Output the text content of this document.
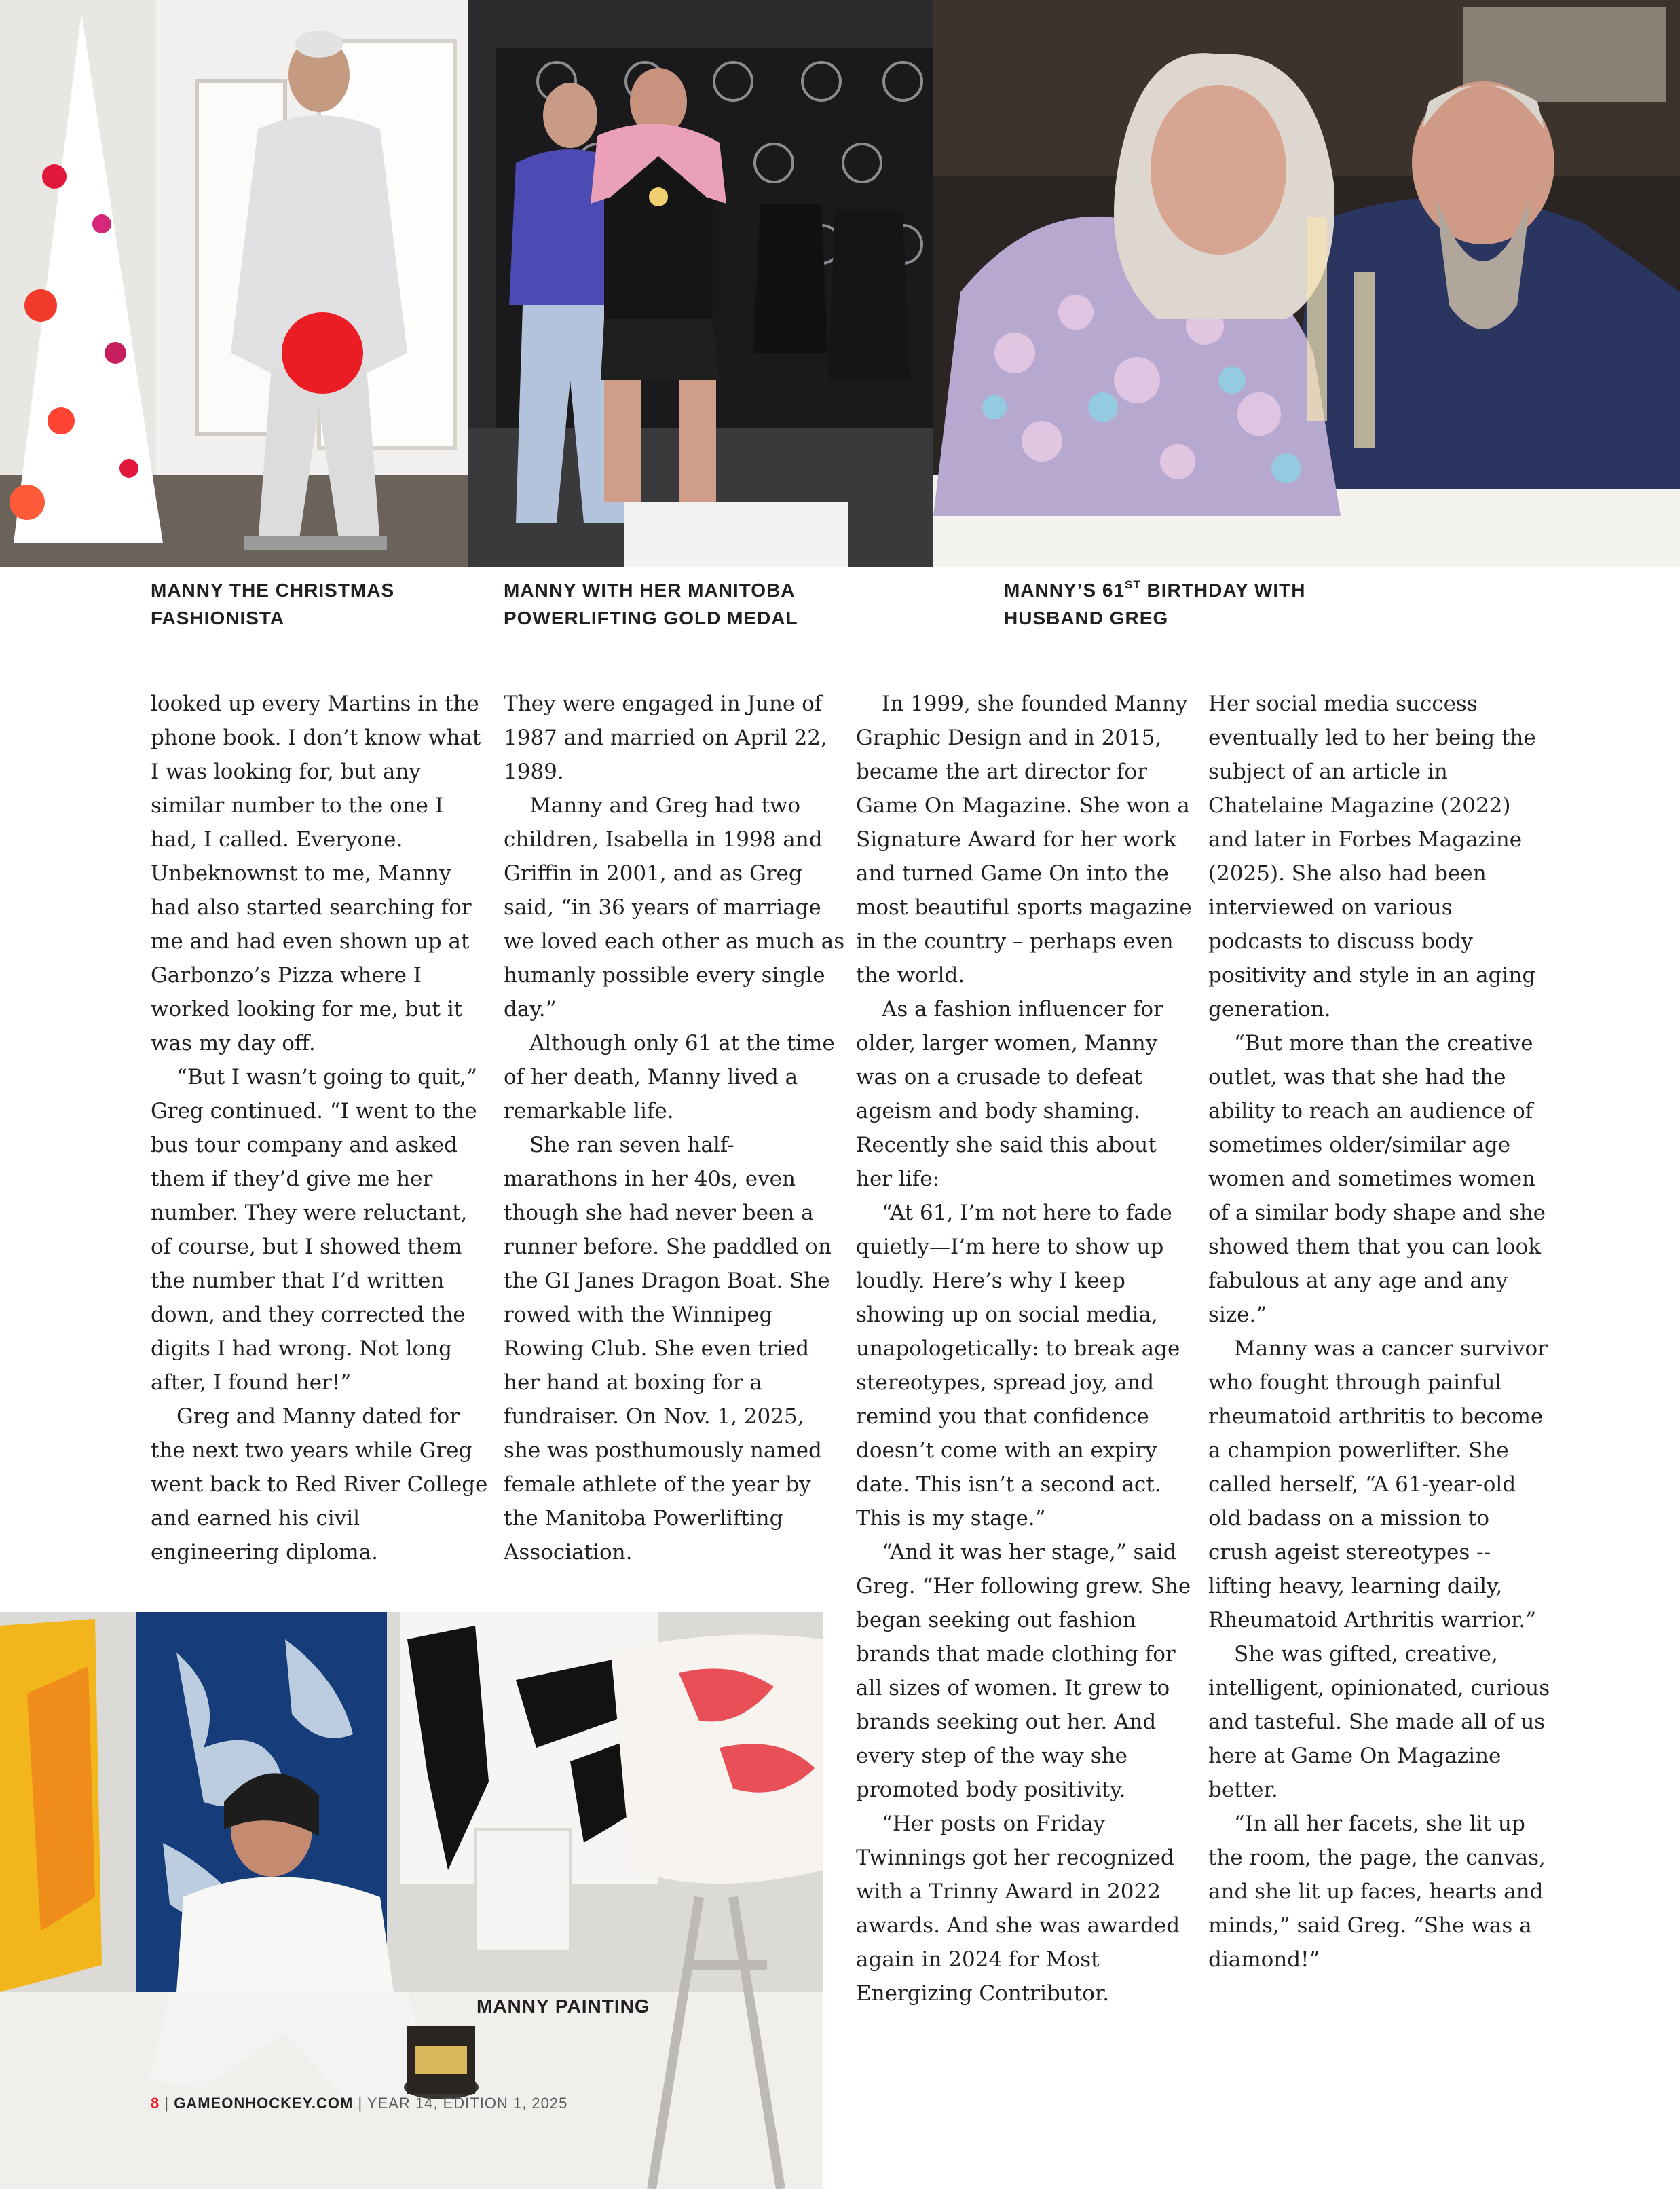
MANNY THE CHRISTMAS
FASHIONISTA
MANNY WITH HER MANITOBA
POWERLIFTING GOLD MEDAL
MANNY’S 61ST BIRTHDAY WITH
HUSBAND GREG

looked up every Martins in the phone book. I don’t know what I was looking for, but any similar number to the one I had, I called. Everyone. Unbeknownst to me, Manny had also started searching for me and had even shown up at Garbonzo’s Pizza where I worked looking for me, but it was my day off.

“But I wasn’t going to quit,” Greg continued. “I went to the bus tour company and asked them if they’d give me her number. They were reluctant, of course, but I showed them the number that I’d written down, and they corrected the digits I had wrong. Not long after, I found her!”

Greg and Manny dated for the next two years while Greg went back to Red River College and earned his civil engineering diploma.

They were engaged in June of 1987 and married on April 22, 1989.

Manny and Greg had two children, Isabella in 1998 and Griffin in 2001, and as Greg said, “in 36 years of marriage we loved each other as much as humanly possible every single day.”

Although only 61 at the time of her death, Manny lived a remarkable life.

She ran seven half-marathons in her 40s, even though she had never been a runner before. She paddled on the GI Janes Dragon Boat. She rowed with the Winnipeg Rowing Club. She even tried her hand at boxing for a fundraiser. On Nov. 1, 2025, she was posthumously named female athlete of the year by the Manitoba Powerlifting Association.

In 1999, she founded Manny Graphic Design and in 2015, became the art director for Game On Magazine. She won a Signature Award for her work and turned Game On into the most beautiful sports magazine in the country – perhaps even the world.

As a fashion influencer for older, larger women, Manny was on a crusade to defeat ageism and body shaming. Recently she said this about her life:

“At 61, I’m not here to fade quietly—I’m here to show up loudly. Here’s why I keep showing up on social media, unapologetically: to break age stereotypes, spread joy, and remind you that confidence doesn’t come with an expiry date. This isn’t a second act. This is my stage.”

“And it was her stage,” said Greg. “Her following grew. She began seeking out fashion brands that made clothing for all sizes of women. It grew to brands seeking out her. And every step of the way she promoted body positivity.

“Her posts on Friday Twinnings got her recognized with a Trinny Award in 2022 awards. And she was awarded again in 2024 for Most Energizing Contributor.

Her social media success eventually led to her being the subject of an article in Chatelaine Magazine (2022) and later in Forbes Magazine (2025). She also had been interviewed on various podcasts to discuss body positivity and style in an aging generation.

“But more than the creative outlet, was that she had the ability to reach an audience of sometimes older/similar age women and sometimes women of a similar body shape and she showed them that you can look fabulous at any age and any size.”

Manny was a cancer survivor who fought through painful rheumatoid arthritis to become a champion powerlifter. She called herself, “A 61-year-old old badass on a mission to crush ageist stereotypes -- lifting heavy, learning daily, Rheumatoid Arthritis warrior.”

She was gifted, creative, intelligent, opinionated, curious and tasteful. She made all of us here at Game On Magazine better.

“In all her facets, she lit up the room, the page, the canvas, and she lit up faces, hearts and minds,” said Greg. “She was a diamond!”

MANNY PAINTING
8 | GAMEONHOCKEY.COM | YEAR 14, EDITION 1, 2025
